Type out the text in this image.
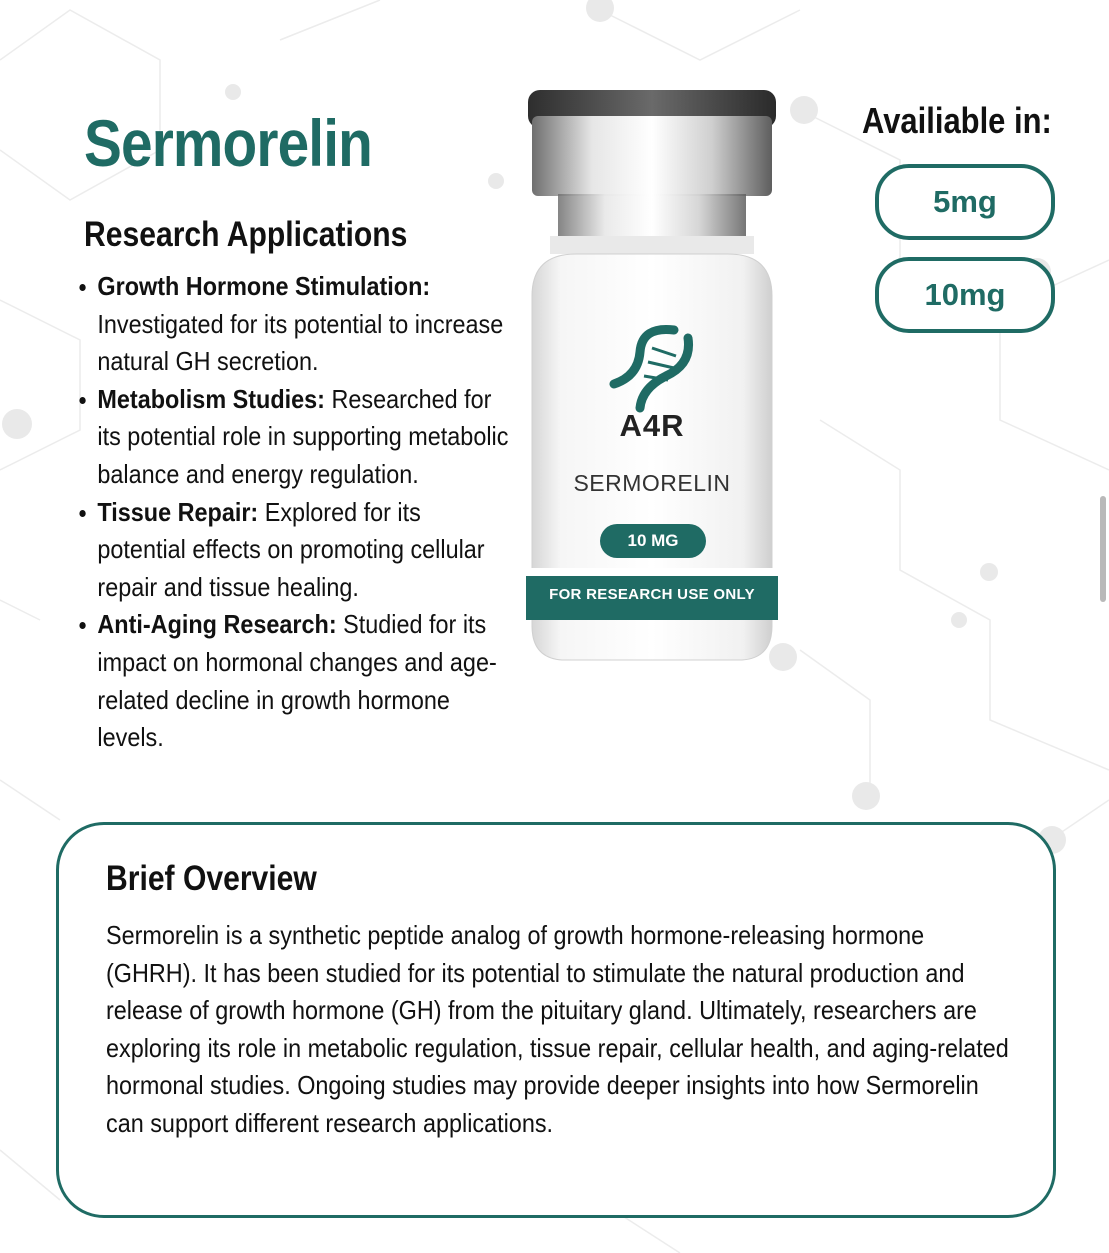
Sermorelin
Research Applications
Growth Hormone Stimulation: Investigated for its potential to increase natural GH secretion.
Metabolism Studies: Researched for its potential role in supporting metabolic balance and energy regulation.
Tissue Repair: Explored for its potential effects on promoting cellular repair and tissue healing.
Anti-Aging Research: Studied for its impact on hormonal changes and age-related decline in growth hormone levels.
SERMORELIN
A4R
10 MG
FOR RESEARCH USE ONLY
Availiable in:
5mg
10mg
Brief Overview

Sermorelin is a synthetic peptide analog of growth hormone-releasing hormone (GHRH). It has been studied for its potential to stimulate the natural production and release of growth hormone (GH) from the pituitary gland. Ultimately, researchers are exploring its role in metabolic regulation, tissue repair, cellular health, and aging-related hormonal studies. Ongoing studies may provide deeper insights into how Sermorelin can support different research applications.
